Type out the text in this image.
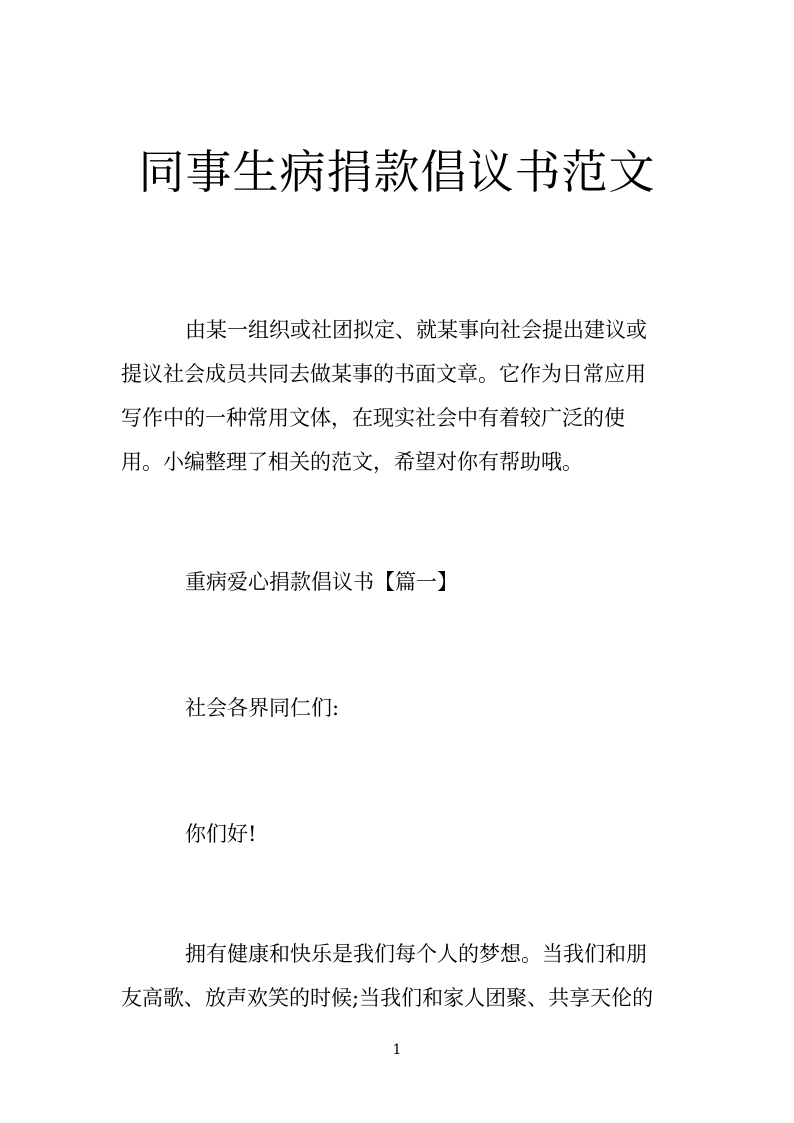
同事生病捐款倡议书范文

由某一组织或社团拟定、就某事向社会提出建议或提议社会成员共同去做某事的书面文章。它作为日常应用写作中的一种常用文体，在现实社会中有着较广泛的使用。小编整理了相关的范文，希望对你有帮助哦。

重病爱心捐款倡议书【篇一】

社会各界同仁们:

你们好!

拥有健康和快乐是我们每个人的梦想。当我们和朋友高歌、放声欢笑的时候;当我们和家人团聚、共享天伦的

1
